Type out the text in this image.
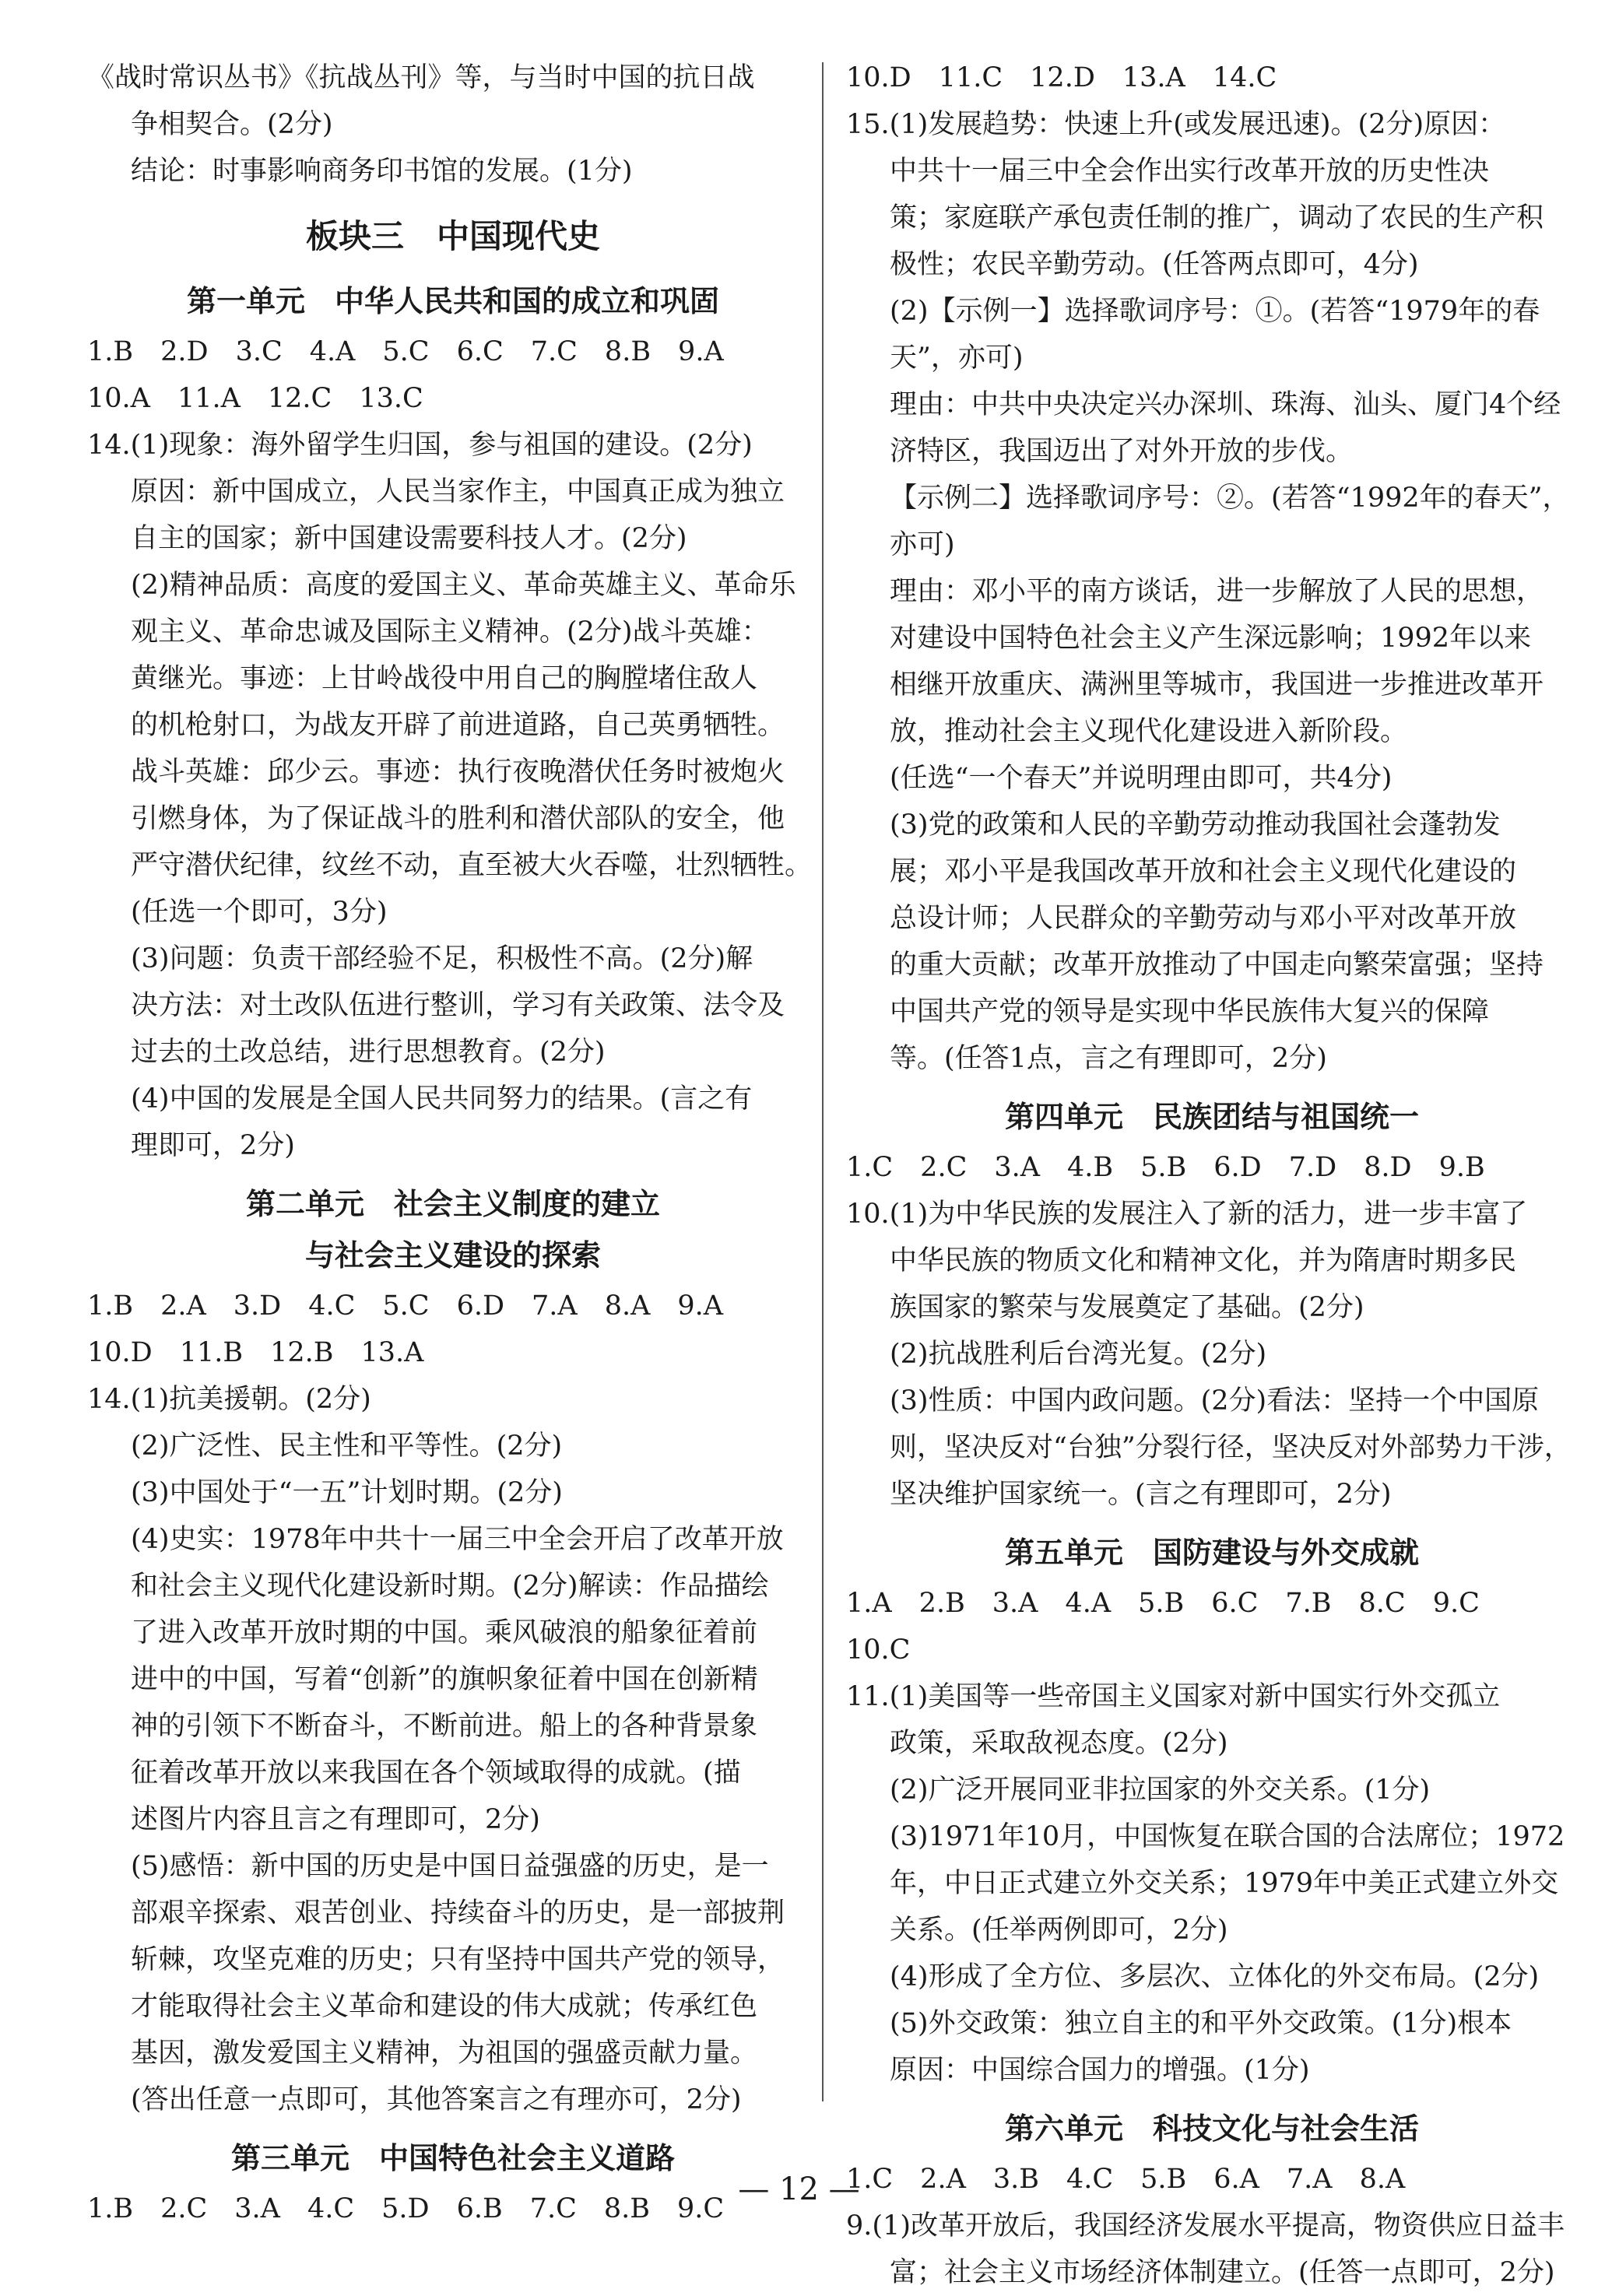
《战时常识丛书》《抗战丛刊》等，与当时中国的抗日战

争相契合。(2分)

结论：时事影响商务印书馆的发展。(1分)

板块三　中国现代史
第一单元　中华人民共和国的成立和巩固

1.B　2.D　3.C　4.A　5.C　6.C　7.C　8.B　9.A

10.A　11.A　12.C　13.C

14.(1)现象：海外留学生归国，参与祖国的建设。(2分)

原因：新中国成立，人民当家作主，中国真正成为独立

自主的国家；新中国建设需要科技人才。(2分)

(2)精神品质：高度的爱国主义、革命英雄主义、革命乐

观主义、革命忠诚及国际主义精神。(2分)战斗英雄：

黄继光。事迹：上甘岭战役中用自己的胸膛堵住敌人

的机枪射口，为战友开辟了前进道路，自己英勇牺牲。

战斗英雄：邱少云。事迹：执行夜晚潜伏任务时被炮火

引燃身体，为了保证战斗的胜利和潜伏部队的安全，他

严守潜伏纪律，纹丝不动，直至被大火吞噬，壮烈牺牲。

(任选一个即可，3分)

(3)问题：负责干部经验不足，积极性不高。(2分)解

决方法：对土改队伍进行整训，学习有关政策、法令及

过去的土改总结，进行思想教育。(2分)

(4)中国的发展是全国人民共同努力的结果。(言之有

理即可，2分)

第二单元　社会主义制度的建立
与社会主义建设的探索

1.B　2.A　3.D　4.C　5.C　6.D　7.A　8.A　9.A

10.D　11.B　12.B　13.A

14.(1)抗美援朝。(2分)

(2)广泛性、民主性和平等性。(2分)

(3)中国处于“一五”计划时期。(2分)

(4)史实：1978年中共十一届三中全会开启了改革开放

和社会主义现代化建设新时期。(2分)解读：作品描绘

了进入改革开放时期的中国。乘风破浪的船象征着前

进中的中国，写着“创新”的旗帜象征着中国在创新精

神的引领下不断奋斗，不断前进。船上的各种背景象

征着改革开放以来我国在各个领域取得的成就。(描

述图片内容且言之有理即可，2分)

(5)感悟：新中国的历史是中国日益强盛的历史，是一

部艰辛探索、艰苦创业、持续奋斗的历史，是一部披荆

斩棘，攻坚克难的历史；只有坚持中国共产党的领导，

才能取得社会主义革命和建设的伟大成就；传承红色

基因，激发爱国主义精神，为祖国的强盛贡献力量。

(答出任意一点即可，其他答案言之有理亦可，2分)

第三单元　中国特色社会主义道路

1.B　2.C　3.A　4.C　5.D　6.B　7.C　8.B　9.C

10.D　11.C　12.D　13.A　14.C

15.(1)发展趋势：快速上升(或发展迅速)。(2分)原因：

中共十一届三中全会作出实行改革开放的历史性决

策；家庭联产承包责任制的推广，调动了农民的生产积

极性；农民辛勤劳动。(任答两点即可，4分)

(2)【示例一】选择歌词序号：①。(若答“1979年的春

天”，亦可)

理由：中共中央决定兴办深圳、珠海、汕头、厦门4个经

济特区，我国迈出了对外开放的步伐。

【示例二】选择歌词序号：②。(若答“1992年的春天”，

亦可)

理由：邓小平的南方谈话，进一步解放了人民的思想，

对建设中国特色社会主义产生深远影响；1992年以来

相继开放重庆、满洲里等城市，我国进一步推进改革开

放，推动社会主义现代化建设进入新阶段。

(任选“一个春天”并说明理由即可，共4分)

(3)党的政策和人民的辛勤劳动推动我国社会蓬勃发

展；邓小平是我国改革开放和社会主义现代化建设的

总设计师；人民群众的辛勤劳动与邓小平对改革开放

的重大贡献；改革开放推动了中国走向繁荣富强；坚持

中国共产党的领导是实现中华民族伟大复兴的保障

等。(任答1点，言之有理即可，2分)

第四单元　民族团结与祖国统一

1.C　2.C　3.A　4.B　5.B　6.D　7.D　8.D　9.B

10.(1)为中华民族的发展注入了新的活力，进一步丰富了

中华民族的物质文化和精神文化，并为隋唐时期多民

族国家的繁荣与发展奠定了基础。(2分)

(2)抗战胜利后台湾光复。(2分)

(3)性质：中国内政问题。(2分)看法：坚持一个中国原

则，坚决反对“台独”分裂行径，坚决反对外部势力干涉，

坚决维护国家统一。(言之有理即可，2分)

第五单元　国防建设与外交成就

1.A　2.B　3.A　4.A　5.B　6.C　7.B　8.C　9.C

10.C

11.(1)美国等一些帝国主义国家对新中国实行外交孤立

政策，采取敌视态度。(2分)

(2)广泛开展同亚非拉国家的外交关系。(1分)

(3)1971年10月，中国恢复在联合国的合法席位；1972

年，中日正式建立外交关系；1979年中美正式建立外交

关系。(任举两例即可，2分)

(4)形成了全方位、多层次、立体化的外交布局。(2分)

(5)外交政策：独立自主的和平外交政策。(1分)根本

原因：中国综合国力的增强。(1分)

第六单元　科技文化与社会生活

1.C　2.A　3.B　4.C　5.B　6.A　7.A　8.A

9.(1)改革开放后，我国经济发展水平提高，物资供应日益丰

富；社会主义市场经济体制建立。(任答一点即可，2分)

— 12 —
